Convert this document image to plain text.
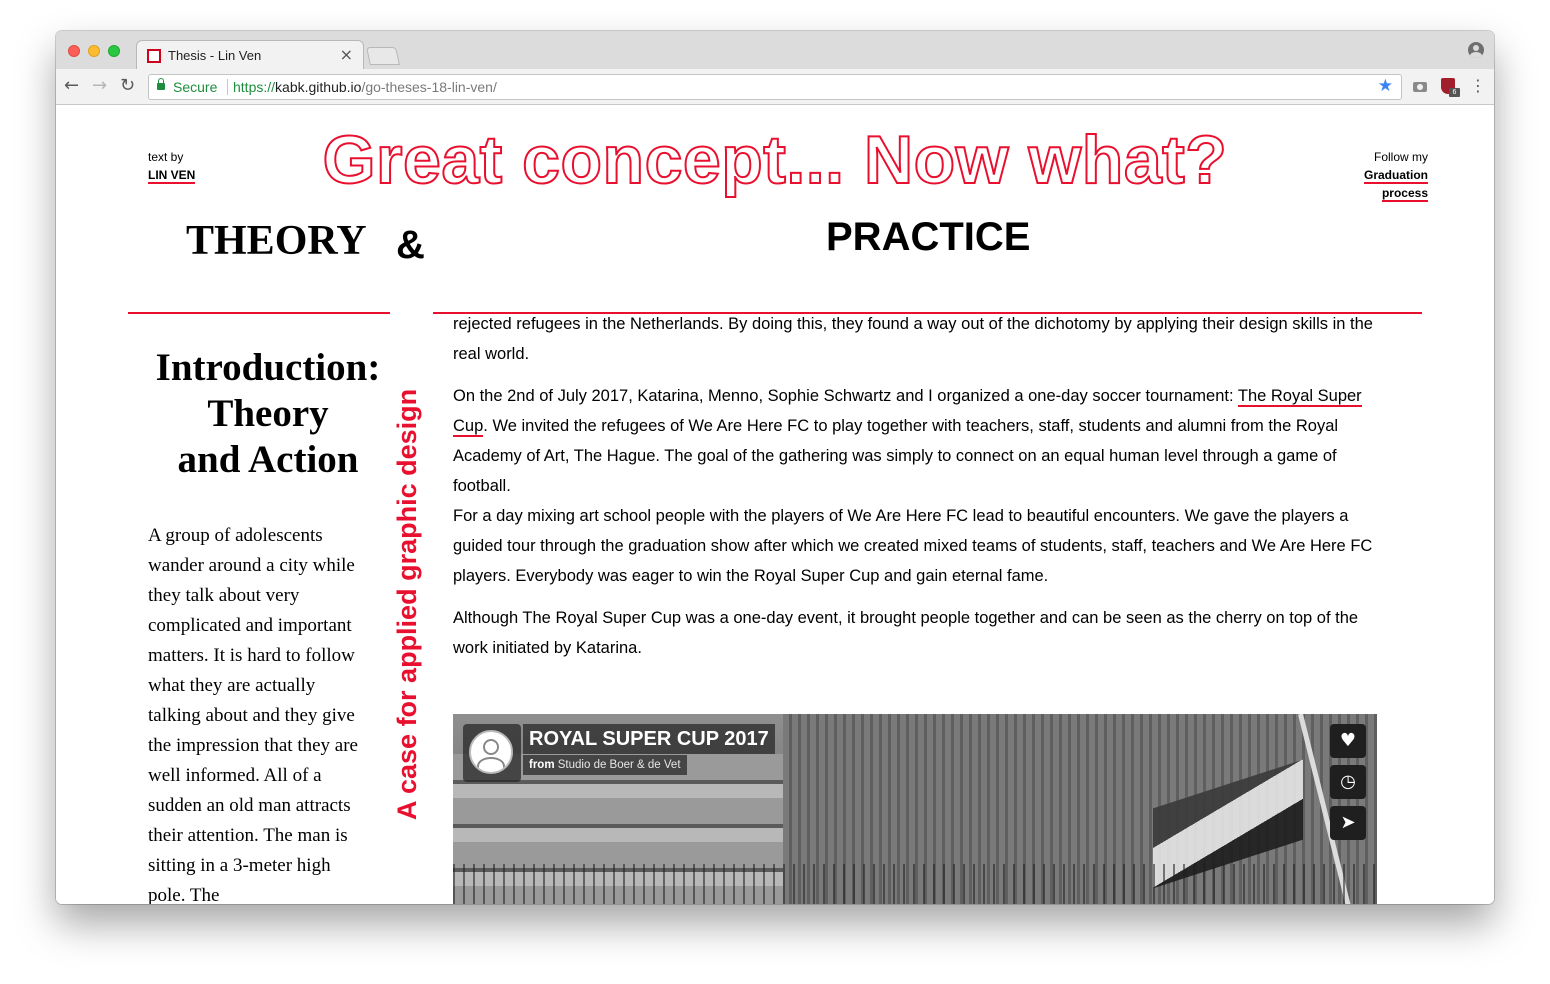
Thesis - Lin Ven	×
← → ↻	Secure https://kabk.github.io/go-theses-18-lin-ven/	★	6 ⋮
text by
LIN VEN	Great concept... Now what?	Follow my
Graduation
process
THEORY &	PRACTICE
Introduction:
Theory
and Action
A group of adolescents wander around a city while they talk about very complicated and important matters. It is hard to follow what they are actually talking about and they give the impression that they are well informed. All of a sudden an old man attracts their attention. The man is sitting in a 3-meter high pole. The
A case for applied graphic design

rejected refugees in the Netherlands. By doing this, they found a way out of the dichotomy by applying their design skills in the real world.

On the 2nd of July 2017, Katarina, Menno, Sophie Schwartz and I organized a one-day soccer tournament: The Royal Super Cup. We invited the refugees of We Are Here FC to play together with teachers, staff, students and alumni from the Royal Academy of Art, The Hague. The goal of the gathering was simply to connect on an equal human level through a game of football.

For a day mixing art school people with the players of We Are Here FC lead to beautiful encounters. We gave the players a guided tour through the graduation show after which we created mixed teams of students, staff, teachers and We Are Here FC players. Everybody was eager to win the Royal Super Cup and gain eternal fame.

Although The Royal Super Cup was a one-day event, it brought people together and can be seen as the cherry on top of the work initiated by Katarina.

ROYAL SUPER CUP 2017
from Studio de Boer & de Vet
♥
◷
➤
